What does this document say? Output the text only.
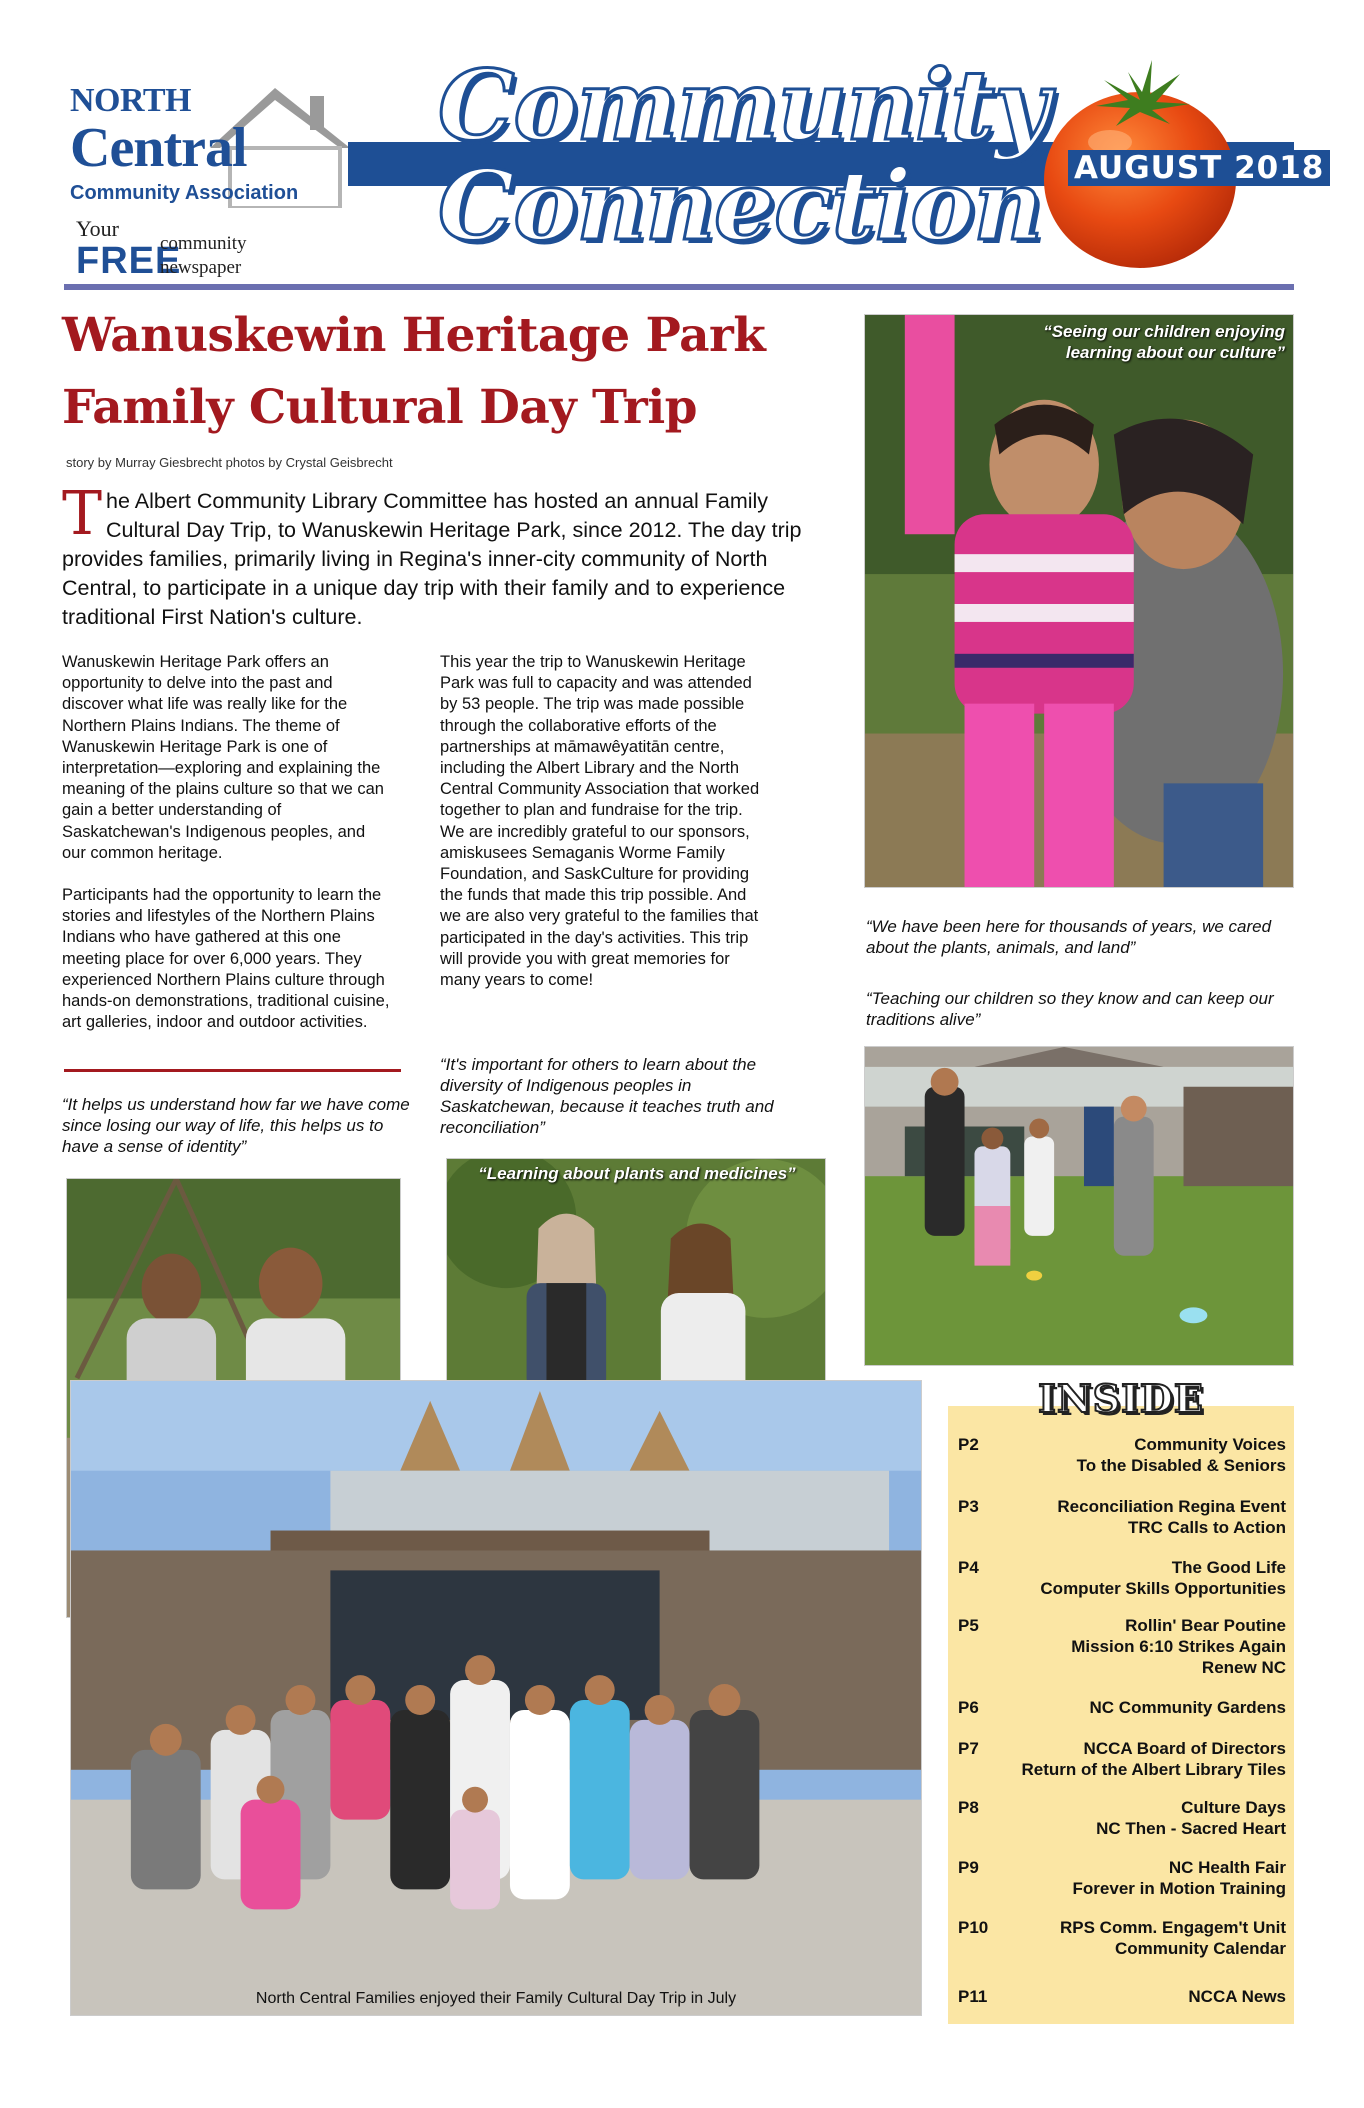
NORTH
Central
Community Association
Your
FREE
community newspaper
Community
Connection AUGUST 2018
Wanuskewin Heritage Park
Family Cultural Day Trip
story by Murray Giesbrecht photos by Crystal Geisbrecht
The Albert Community Library Committee has hosted an annual Family Cultural Day Trip, to Wanuskewin Heritage Park, since 2012. The day trip provides families, primarily living in Regina's inner-city community of North Central, to participate in a unique day trip with their family and to experience traditional First Nation's culture.

Wanuskewin Heritage Park offers an opportunity to delve into the past and discover what life was really like for the Northern Plains Indians. The theme of Wanuskewin Heritage Park is one of interpretation—exploring and explaining the meaning of the plains culture so that we can gain a better understanding of Saskatchewan's Indigenous peoples, and our common heritage.

Participants had the opportunity to learn the stories and lifestyles of the Northern Plains Indians who have gathered at this one meeting place for over 6,000 years. They experienced Northern Plains culture through hands-on demonstrations, traditional cuisine, art galleries, indoor and outdoor activities.

This year the trip to Wanuskewin Heritage Park was full to capacity and was attended by 53 people. The trip was made possible through the collaborative efforts of the partnerships at māmawêyatitān centre, including the Albert Library and the North Central Community Association that worked together to plan and fundraise for the trip. We are incredibly grateful to our sponsors, amiskusees Semaganis Worme Family Foundation, and SaskCulture for providing the funds that made this trip possible. And we are also very grateful to the families that participated in the day's activities. This trip will provide you with great memories for many years to come!

“It helps us understand how far we have come since losing our way of life, this helps us to have a sense of identity”
“It's important for others to learn about the diversity of Indigenous peoples in Saskatchewan, because it teaches truth and reconciliation”
“We have been here for thousands of years, we cared about the plants, animals, and land”
“Teaching our children so they know and can keep our traditions alive”
“Seeing our children enjoying learning about our culture”
“Learning about plants and medicines”
North Central Families enjoyed their Family Cultural Day Trip in July
INSIDE
P2	Community Voices
To the Disabled & Seniors
P3	Reconciliation Regina Event
TRC Calls to Action
P4	The Good Life
Computer Skills Opportunities
P5	Rollin' Bear Poutine
Mission 6:10 Strikes Again
Renew NC
P6	NC Community Gardens
P7	NCCA Board of Directors
Return of the Albert Library Tiles
P8	Culture Days
NC Then - Sacred Heart
P9	NC Health Fair
Forever in Motion Training
P10	RPS Comm. Engagem't Unit
Community Calendar
P11	NCCA News
